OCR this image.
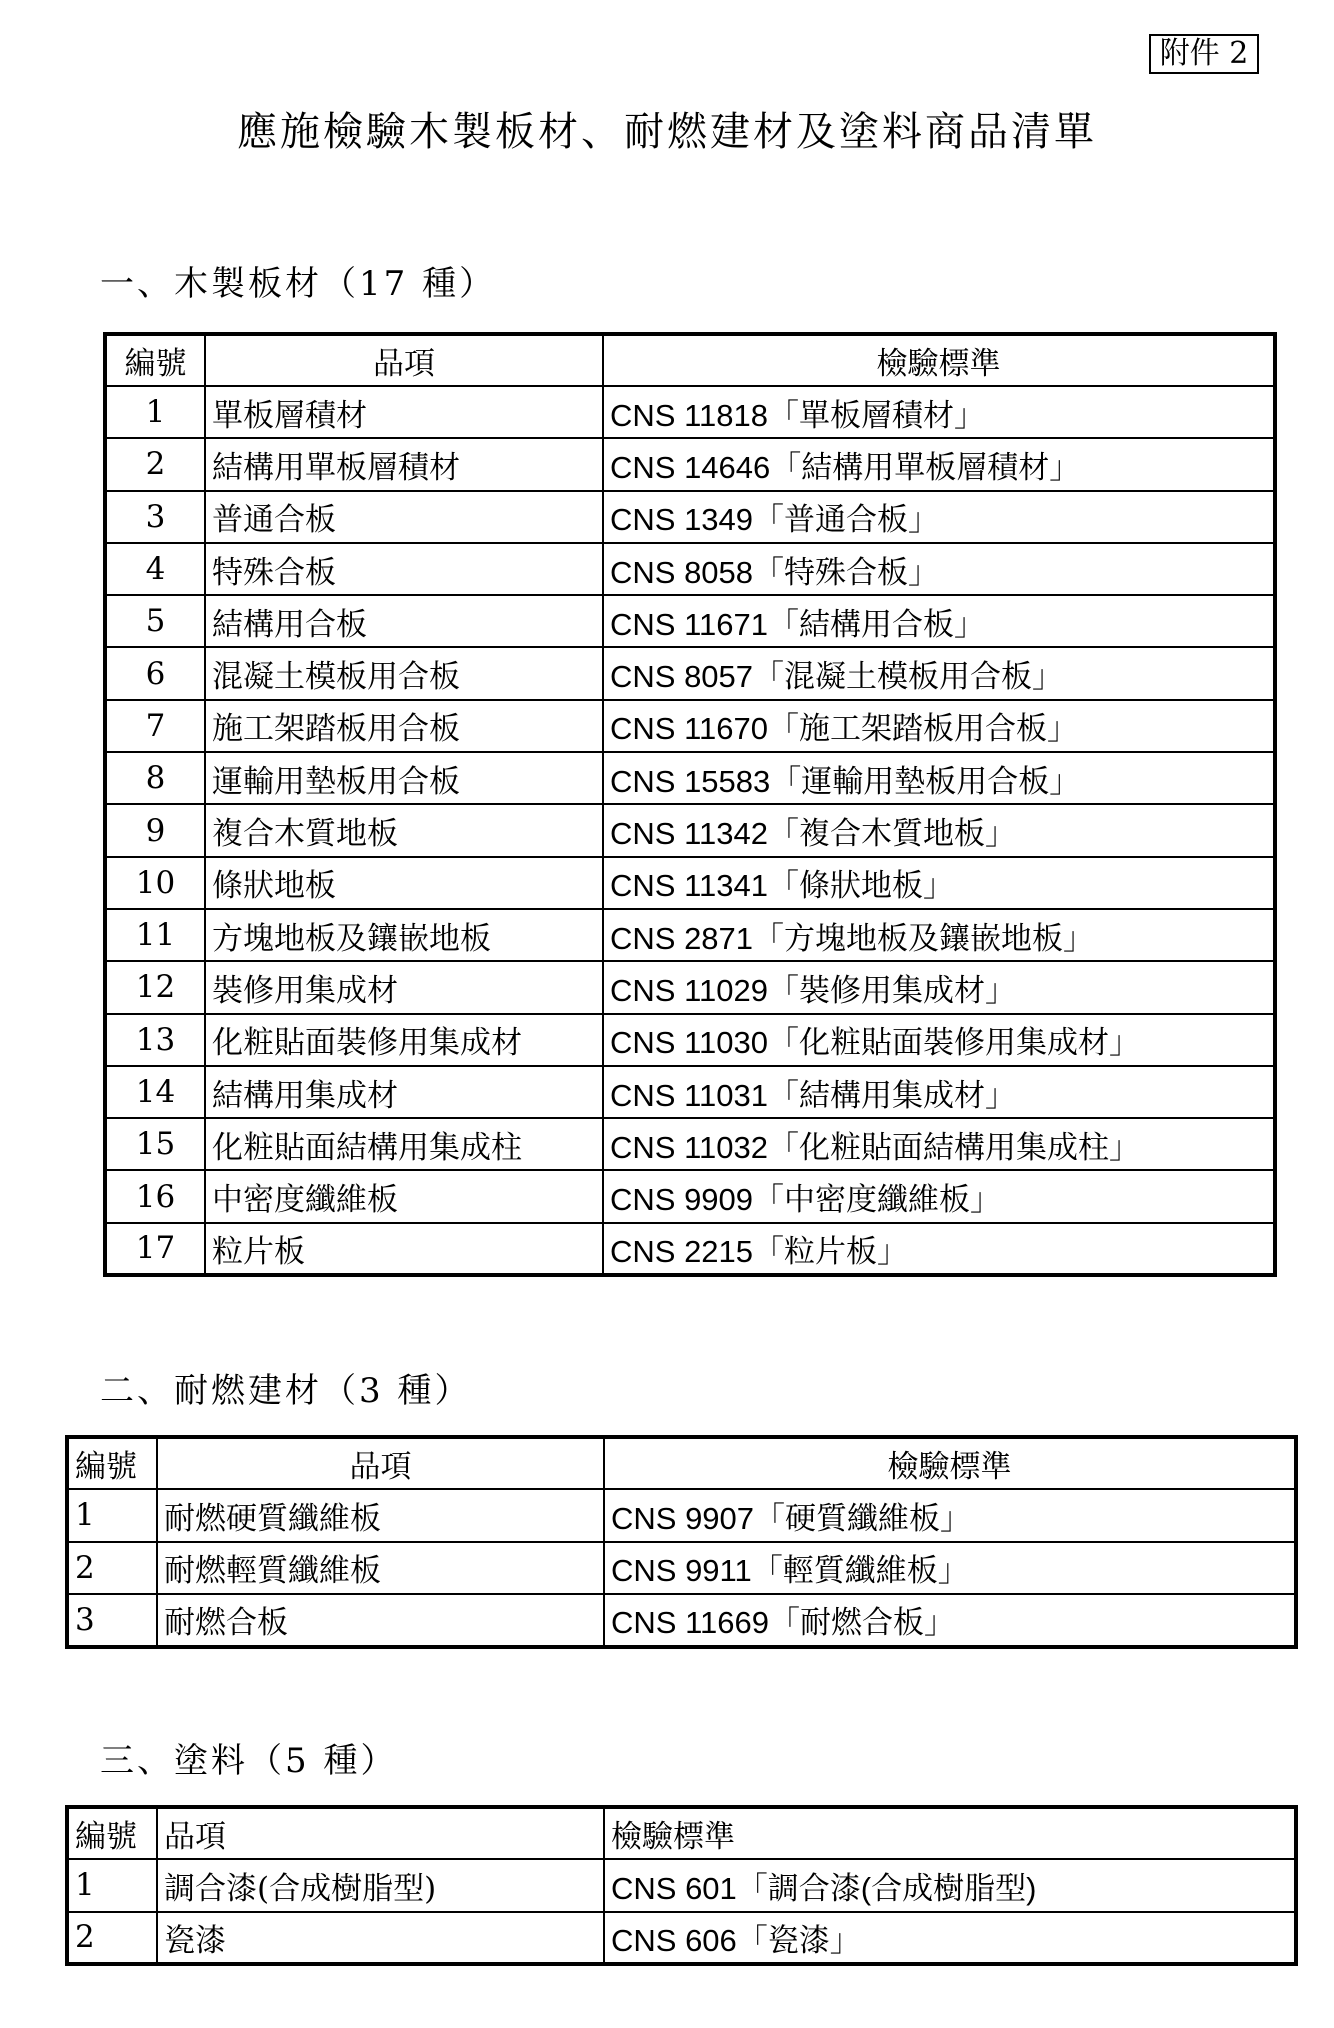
附件 2
應施檢驗木製板材、耐燃建材及塗料商品清單
一、木製板材（17 種）
編號	品項	檢驗標準
1	單板層積材	CNS 11818「單板層積材」
2	結構用單板層積材	CNS 14646「結構用單板層積材」
3	普通合板	CNS 1349「普通合板」
4	特殊合板	CNS 8058「特殊合板」
5	結構用合板	CNS 11671「結構用合板」
6	混凝土模板用合板	CNS 8057「混凝土模板用合板」
7	施工架踏板用合板	CNS 11670「施工架踏板用合板」
8	運輸用墊板用合板	CNS 15583「運輸用墊板用合板」
9	複合木質地板	CNS 11342「複合木質地板」
10	條狀地板	CNS 11341「條狀地板」
11	方塊地板及鑲嵌地板	CNS 2871「方塊地板及鑲嵌地板」
12	裝修用集成材	CNS 11029「裝修用集成材」
13	化粧貼面裝修用集成材	CNS 11030「化粧貼面裝修用集成材」
14	結構用集成材	CNS 11031「結構用集成材」
15	化粧貼面結構用集成柱	CNS 11032「化粧貼面結構用集成柱」
16	中密度纖維板	CNS 9909「中密度纖維板」
17	粒片板	CNS 2215「粒片板」
二、耐燃建材（3 種）
編號	品項	檢驗標準
1	耐燃硬質纖維板	CNS 9907「硬質纖維板」
2	耐燃輕質纖維板	CNS 9911「輕質纖維板」
3	耐燃合板	CNS 11669「耐燃合板」
三、塗料（5 種）
編號	品項	檢驗標準
1	調合漆(合成樹脂型)	CNS 601「調合漆(合成樹脂型)
2	瓷漆	CNS 606「瓷漆」
